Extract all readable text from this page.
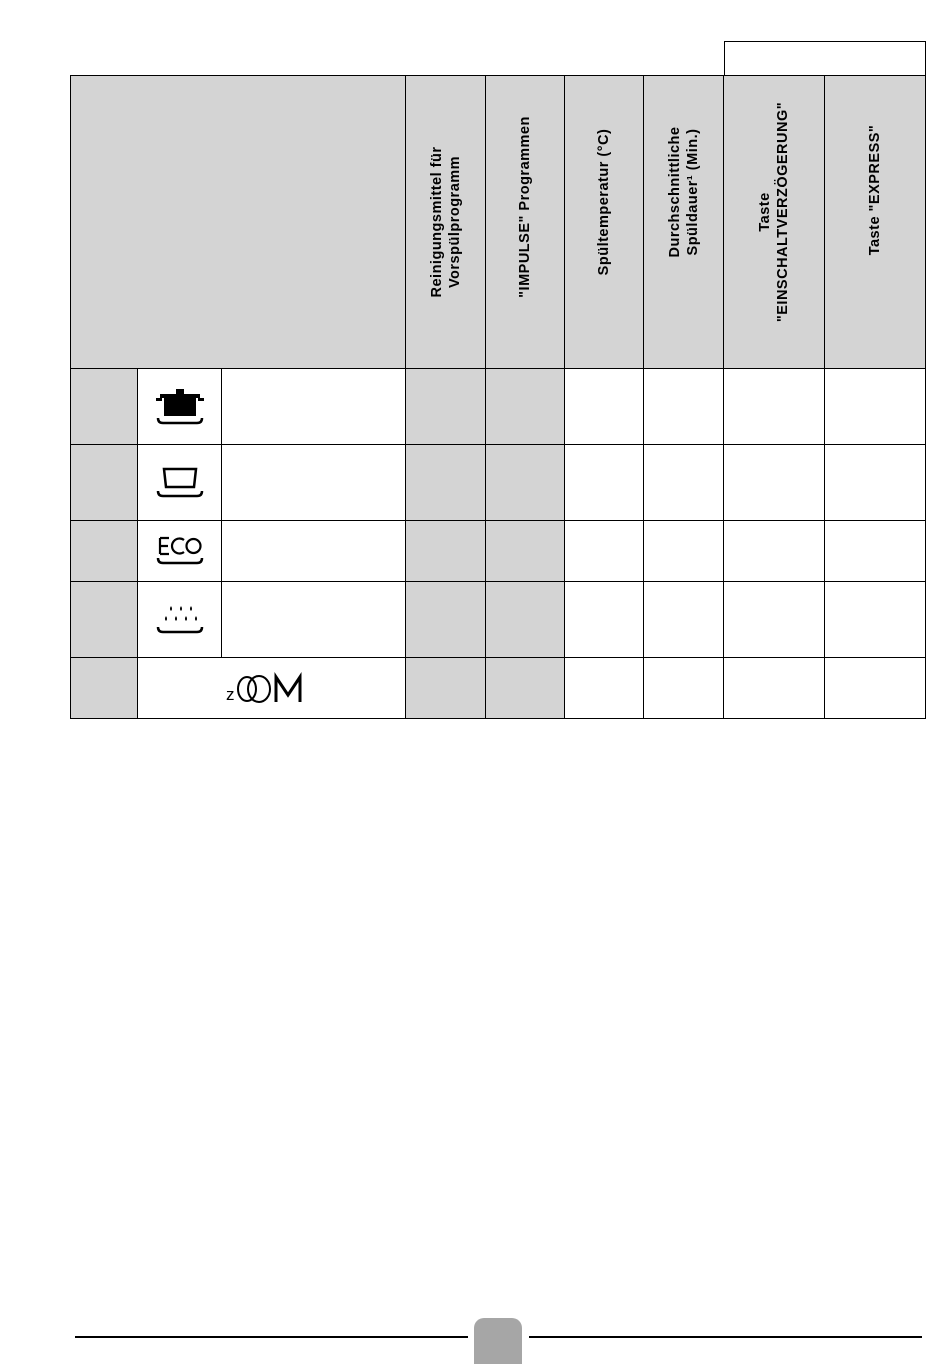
Reinigungsmittel für Vorspülprogramm	"IMPULSE" Programmen	Spültemperatur (°C)	Durchschnittliche Spüldauer¹ (Min.)	Taste "EINSCHALTVERZÖGERUNG"	Taste "EXPRESS"
z
